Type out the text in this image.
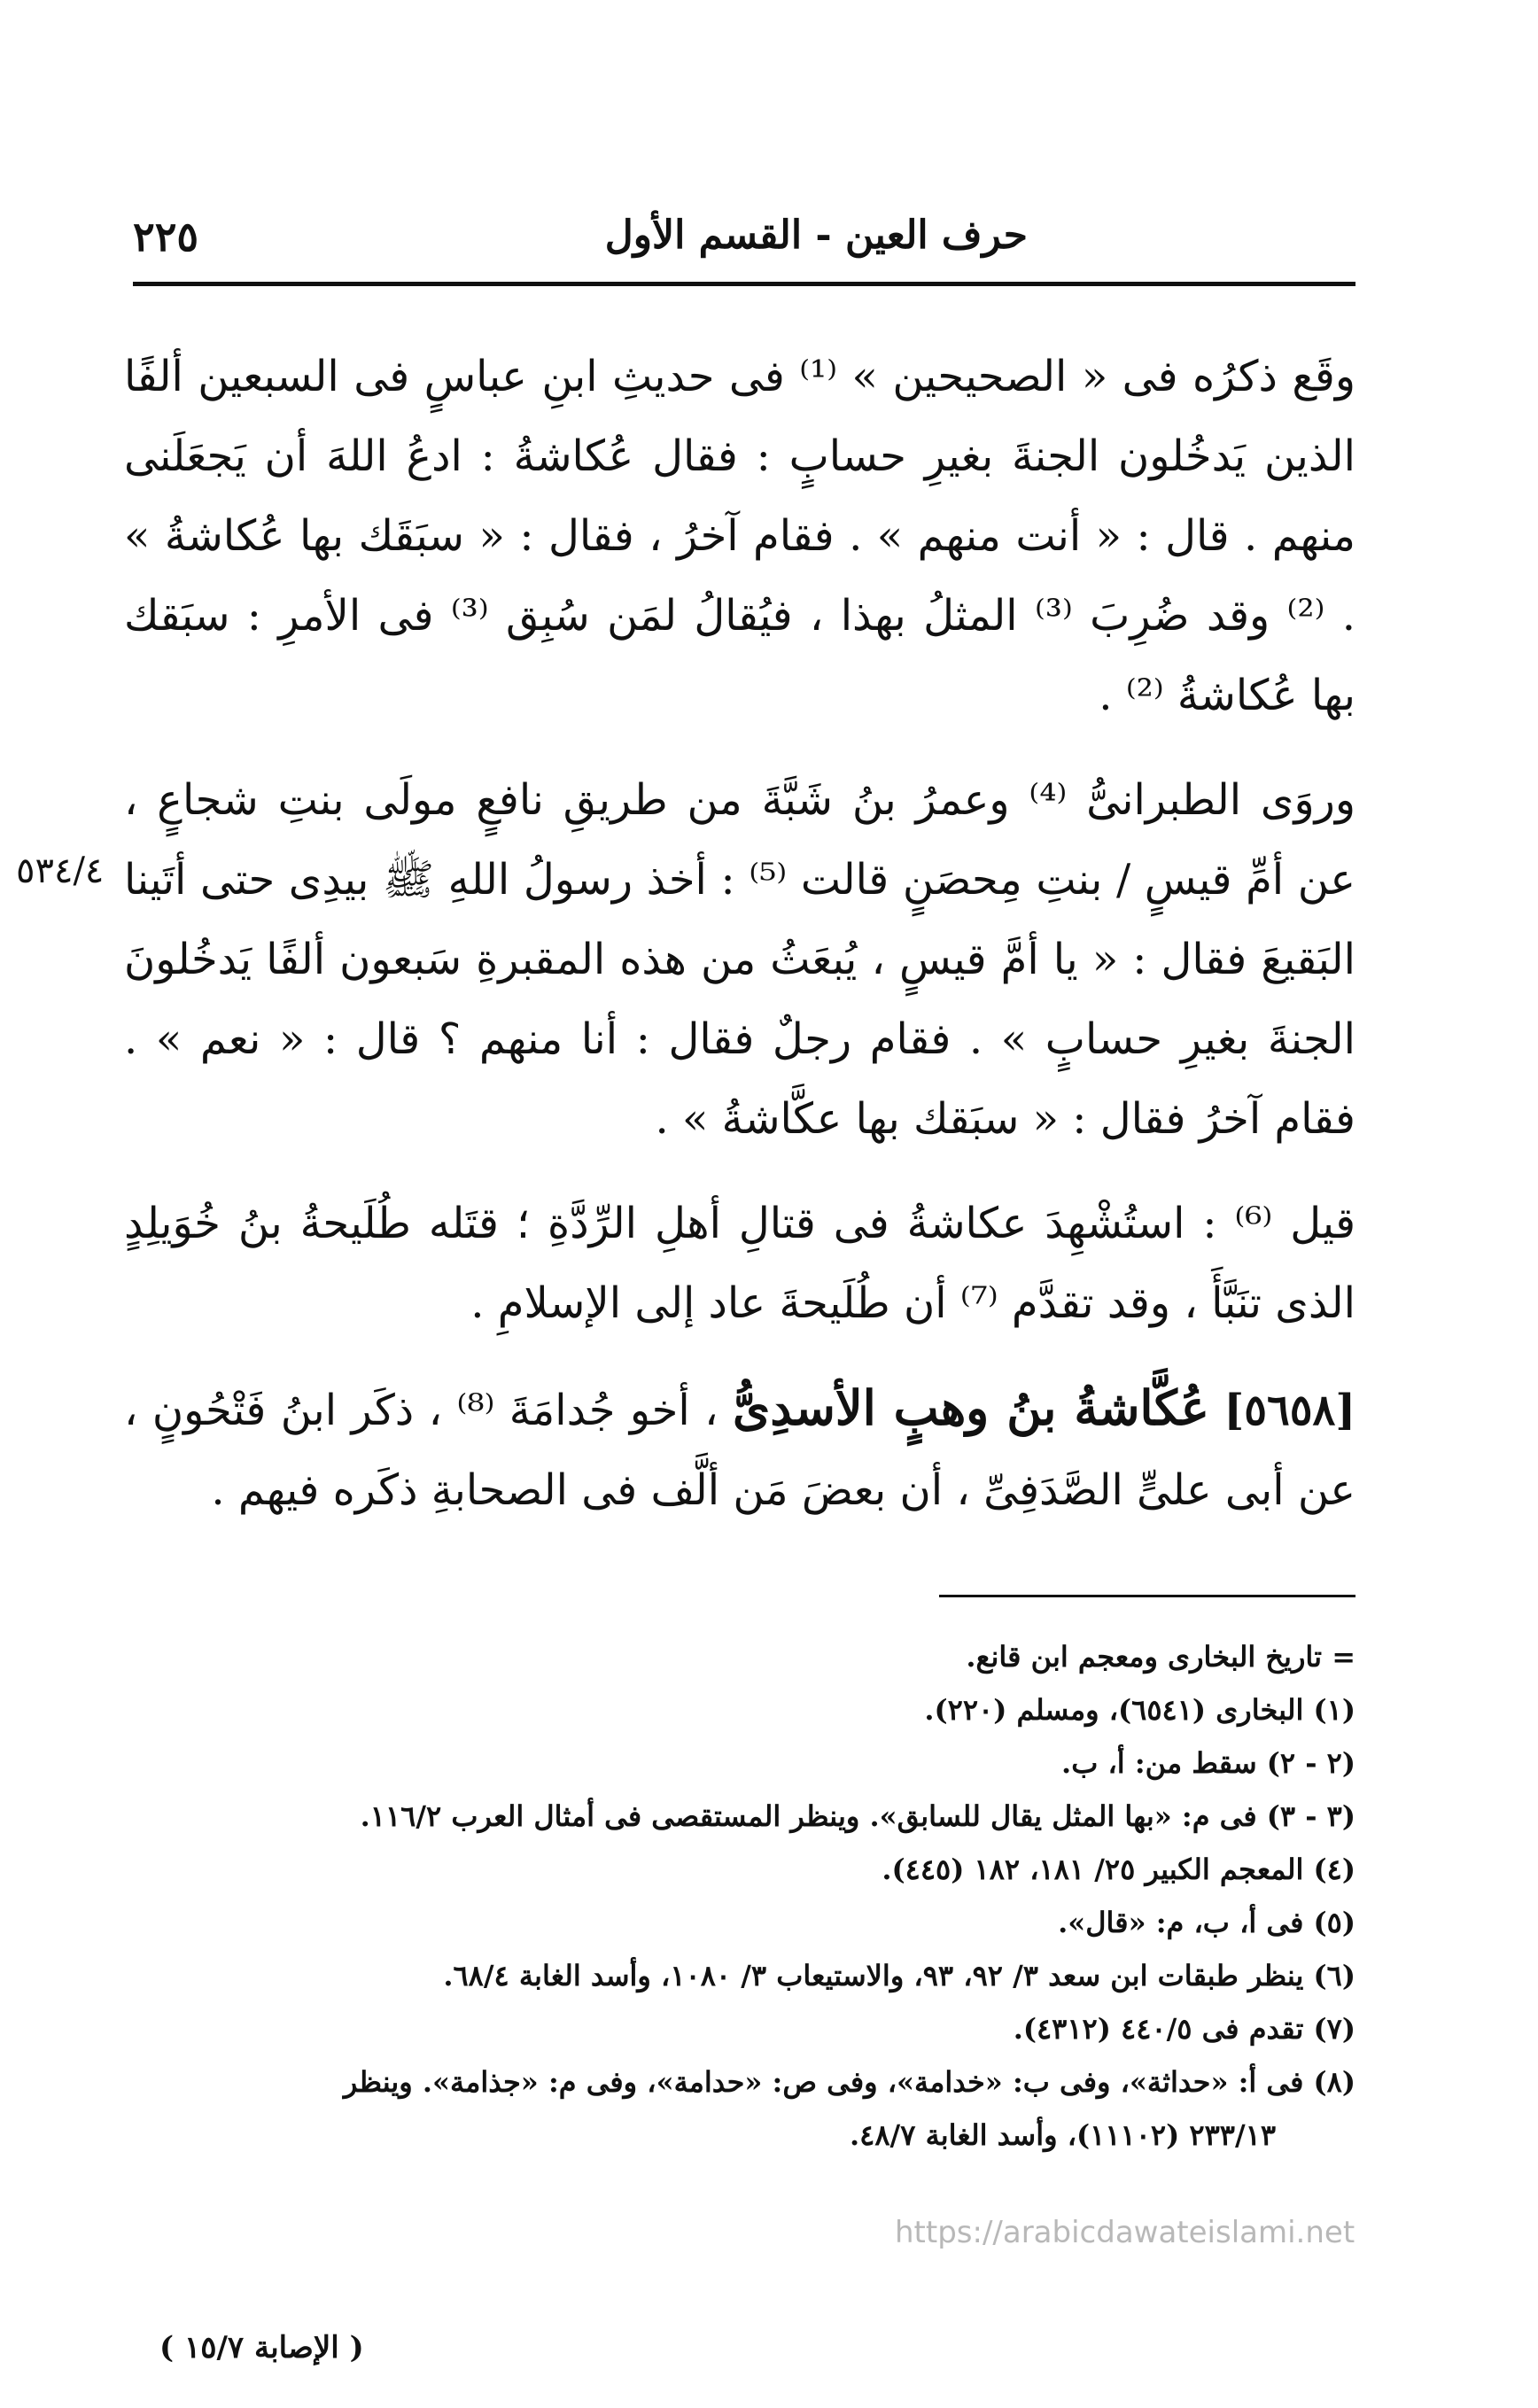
حرف العين - القسم الأول
٢٢٥
٥٣٤/٤

وقَع ذكرُه فى « الصحيحين » ⁽¹⁾ فى حديثِ ابنِ عباسٍ فى السبعين ألفًا الذين يَدخُلون الجنةَ بغيرِ حسابٍ : فقال عُكاشةُ : ادعُ اللهَ أن يَجعَلَنى منهم . قال : « أنت منهم » . فقام آخرُ ، فقال : « سبَقَك بها عُكاشةُ » . ⁽²⁾ وقد ضُرِبَ ⁽³⁾ المثلُ بهذا ، فيُقالُ لمَن سُبِق ⁽³⁾ فى الأمرِ : سبَقك بها عُكاشةُ ⁽²⁾ .

وروَى الطبرانىُّ ⁽⁴⁾ وعمرُ بنُ شَبَّةَ من طريقِ نافعٍ مولَى بنتِ شجاعٍ ، عن أمِّ قيسٍ / بنتِ مِحصَنٍ قالت ⁽⁵⁾ : أخذ رسولُ اللهِ ﷺ بيدِى حتى أتَينا البَقيعَ فقال : « يا أمَّ قيسٍ ، يُبعَثُ من هذه المقبرةِ سَبعون ألفًا يَدخُلونَ الجنةَ بغيرِ حسابٍ » . فقام رجلٌ فقال : أنا منهم ؟ قال : « نعم » . فقام آخرُ فقال : « سبَقك بها عكَّاشةُ » .

قيل ⁽⁶⁾ : استُشْهِدَ عكاشةُ فى قتالِ أهلِ الرِّدَّةِ ؛ قتَله طُلَيحةُ بنُ خُوَيلِدٍ الذى تنَبَّأَ ، وقد تقدَّم ⁽⁷⁾ أن طُلَيحةَ عاد إلى الإسلامِ .

[٥٦٥٨] عُكَّاشةُ بنُ وهبٍ الأسدِىُّ ، أخو جُدامَةَ ⁽⁸⁾ ، ذكَر ابنُ فَتْحُونٍ ، عن أبى علىٍّ الصَّدَفِىِّ ، أن بعضَ مَن ألَّف فى الصحابةِ ذكَره فيهم .

= تاريخ البخارى ومعجم ابن قانع.
(١) البخارى (٦٥٤١)، ومسلم (٢٢٠).
(٢ - ٢) سقط من: أ، ب.
(٣ - ٣) فى م: «بها المثل يقال للسابق». وينظر المستقصى فى أمثال العرب ١١٦/٢.
(٤) المعجم الكبير ٢٥/ ١٨١، ١٨٢ (٤٤٥).
(٥) فى أ، ب، م: «قال».
(٦) ينظر طبقات ابن سعد ٣/ ٩٢، ٩٣، والاستيعاب ٣/ ١٠٨٠، وأسد الغابة ٦٨/٤.
(٧) تقدم فى ٤٤٠/٥ (٤٣١٢).
(٨) فى أ: «حداثة»، وفى ب: «خدامة»، وفى ص: «حدامة»، وفى م: «جذامة». وينظر
٢٣٣/١٣ (١١١٠٢)، وأسد الغابة ٤٨/٧.
https://arabicdawateislami.net
( الإصابة ١٥/٧ )
